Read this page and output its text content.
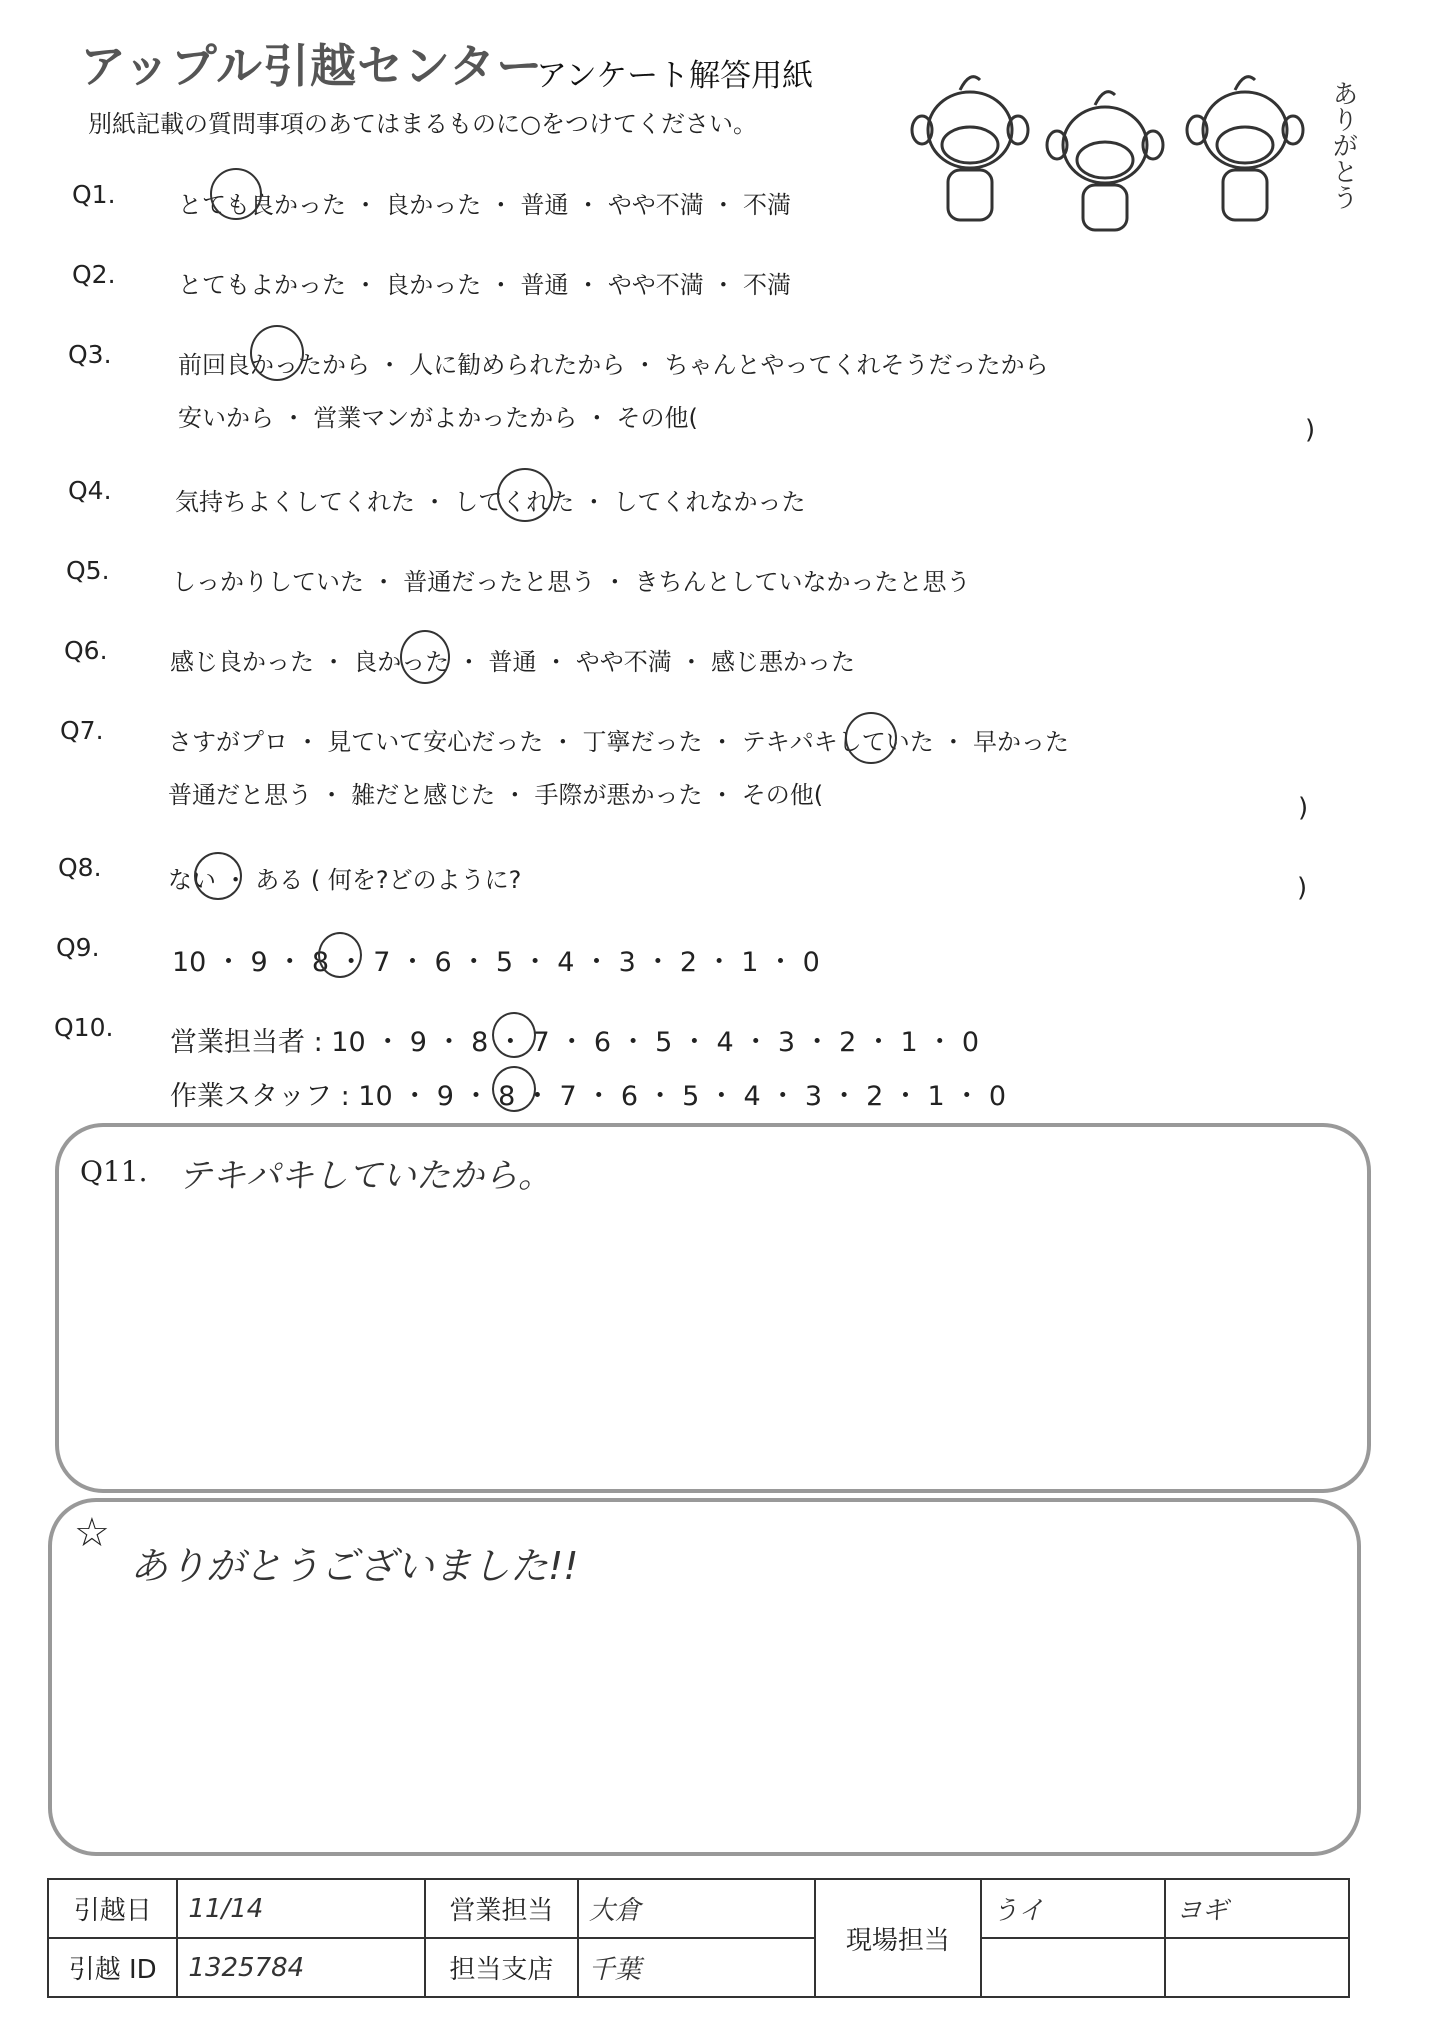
アップル引越センター
アンケート解答用紙
別紙記載の質問事項のあてはまるものに○をつけてください。	ありがとう
Q1.	とても良かった ・ 良かった ・ 普通 ・ やや不満 ・ 不満
Q2.	とてもよかった ・ 良かった ・ 普通 ・ やや不満 ・ 不満
Q3.	前回良かったから ・ 人に勧められたから ・ ちゃんとやってくれそうだったから
安いから ・ 営業マンがよかったから ・ その他(	)
Q4.	気持ちよくしてくれた ・ してくれた ・ してくれなかった
Q5.	しっかりしていた ・ 普通だったと思う ・ きちんとしていなかったと思う
Q6.	感じ良かった ・ 良かった ・ 普通 ・ やや不満 ・ 感じ悪かった
Q7.	さすがプロ ・ 見ていて安心だった ・ 丁寧だった ・ テキパキしていた ・ 早かった
普通だと思う ・ 雑だと感じた ・ 手際が悪かった ・ その他(	)
Q8.	ない ・ ある ( 何を?どのように?	)
Q9.	10 ・ 9 ・ 8 ・ 7 ・ 6 ・ 5 ・ 4 ・ 3 ・ 2 ・ 1 ・ 0
Q10. 営業担当者 : 10 ・ 9 ・ 8 ・ 7 ・ 6 ・ 5 ・ 4 ・ 3 ・ 2 ・ 1 ・ 0
作業スタッフ : 10 ・ 9 ・ 8 ・ 7 ・ 6 ・ 5 ・ 4 ・ 3 ・ 2 ・ 1 ・ 0
Q11. テキパキしていたから。
☆
ありがとうございました!!
引越日	11/14	営業担当	大倉	現場担当	うイ	ヨギ
引越 ID	1325784	担当支店	千葉			
